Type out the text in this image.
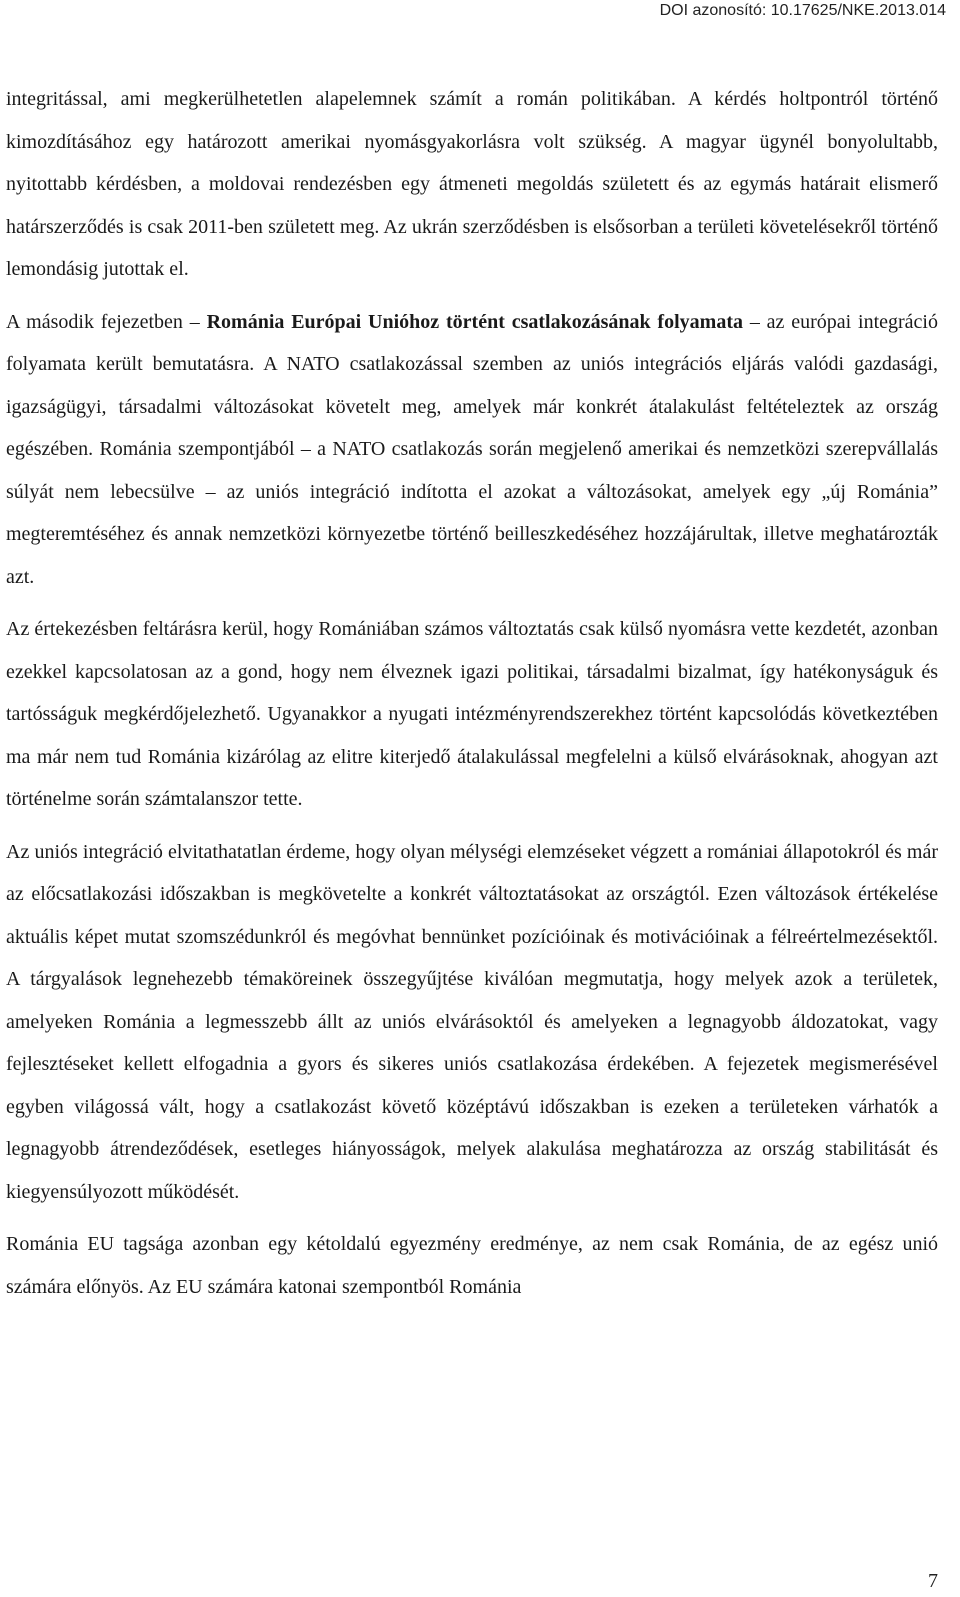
DOI azonosító: 10.17625/NKE.2013.014

integritással, ami megkerülhetetlen alapelemnek számít a román politikában. A kérdés holtpontról történő kimozdításához egy határozott amerikai nyomásgyakorlásra volt szükség. A magyar ügynél bonyolultabb, nyitottabb kérdésben, a moldovai rendezésben egy átmeneti megoldás született és az egymás határait elismerő határszerződés is csak 2011-ben született meg. Az ukrán szerződésben is elsősorban a területi követelésekről történő lemondásig jutottak el.

A második fejezetben – Románia Európai Unióhoz történt csatlakozásának folyamata – az európai integráció folyamata került bemutatásra. A NATO csatlakozással szemben az uniós integrációs eljárás valódi gazdasági, igazságügyi, társadalmi változásokat követelt meg, amelyek már konkrét átalakulást feltételeztek az ország egészében. Románia szempontjából – a NATO csatlakozás során megjelenő amerikai és nemzetközi szerepvállalás súlyát nem lebecsülve – az uniós integráció indította el azokat a változásokat, amelyek egy „új Románia” megteremtéséhez és annak nemzetközi környezetbe történő beilleszkedéséhez hozzájárultak, illetve meghatározták azt.

Az értekezésben feltárásra kerül, hogy Romániában számos változtatás csak külső nyomásra vette kezdetét, azonban ezekkel kapcsolatosan az a gond, hogy nem élveznek igazi politikai, társadalmi bizalmat, így hatékonyságuk és tartósságuk megkérdőjelezhető. Ugyanakkor a nyugati intézményrendszerekhez történt kapcsolódás következtében ma már nem tud Románia kizárólag az elitre kiterjedő átalakulással megfelelni a külső elvárásoknak, ahogyan azt történelme során számtalanszor tette.

Az uniós integráció elvitathatatlan érdeme, hogy olyan mélységi elemzéseket végzett a romániai állapotokról és már az előcsatlakozási időszakban is megkövetelte a konkrét változtatásokat az országtól. Ezen változások értékelése aktuális képet mutat szomszédunkról és megóvhat bennünket pozícióinak és motivációinak a félreértelmezésektől. A tárgyalások legnehezebb témaköreinek összegyűjtése kiválóan megmutatja, hogy melyek azok a területek, amelyeken Románia a legmesszebb állt az uniós elvárásoktól és amelyeken a legnagyobb áldozatokat, vagy fejlesztéseket kellett elfogadnia a gyors és sikeres uniós csatlakozása érdekében. A fejezetek megismerésével egyben világossá vált, hogy a csatlakozást követő középtávú időszakban is ezeken a területeken várhatók a legnagyobb átrendeződések, esetleges hiányosságok, melyek alakulása meghatározza az ország stabilitását és kiegyensúlyozott működését.

Románia EU tagsága azonban egy kétoldalú egyezmény eredménye, az nem csak Románia, de az egész unió számára előnyös. Az EU számára katonai szempontból Románia

7
